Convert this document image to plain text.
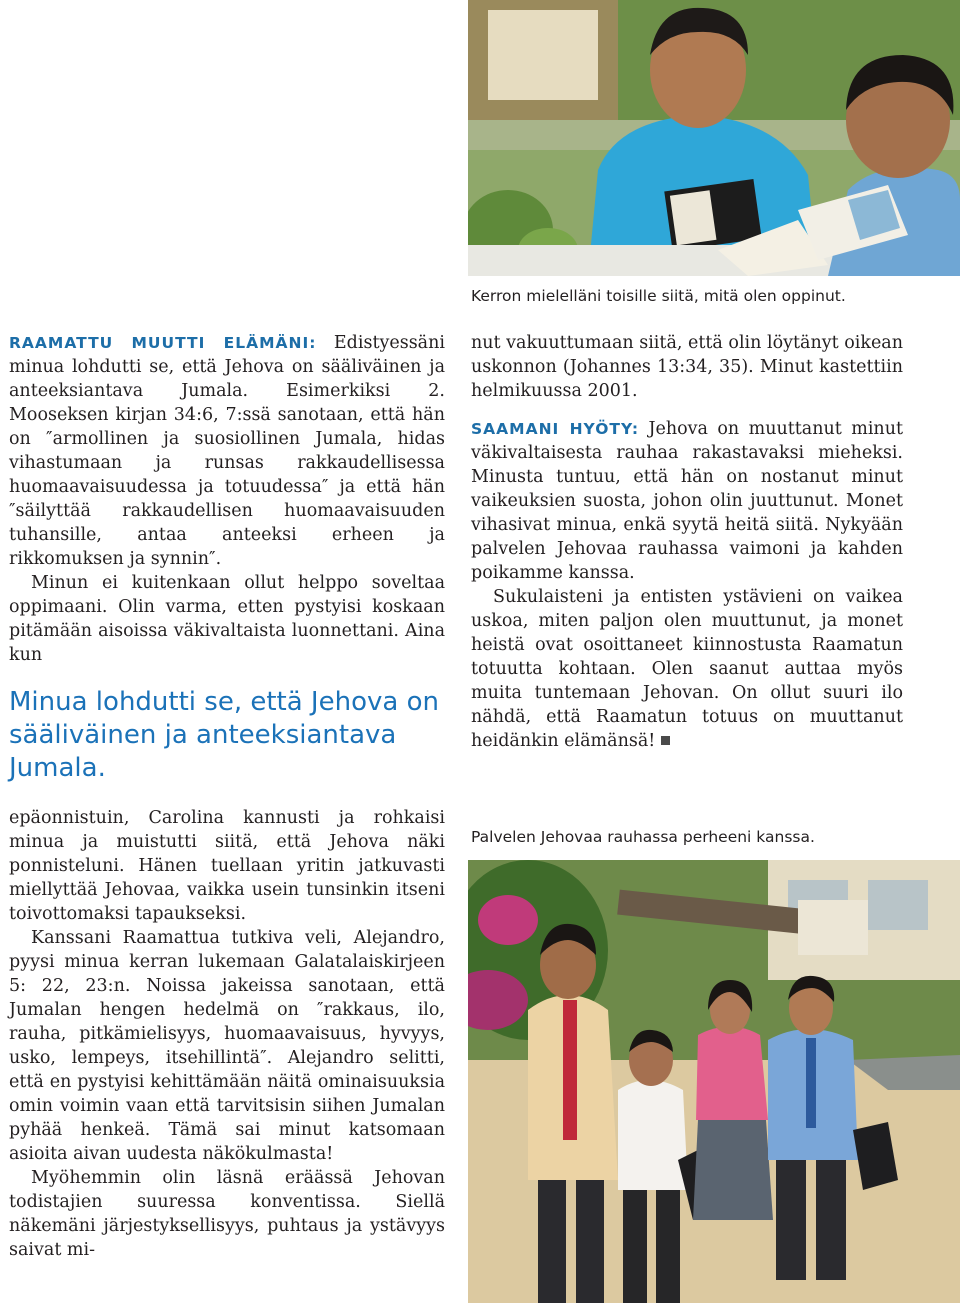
Kerron mielelläni toisille siitä, mitä olen oppinut.

RAAMATTU MUUTTI ELÄMÄNI: Edistyessäni minua lohdutti se, että Jehova on sääliväinen ja anteeksiantava Jumala. Esimerkiksi 2. Mooseksen kirjan 34:6, 7:ssä sanotaan, että hän on ″armollinen ja suosiollinen Jumala, hidas vihastumaan ja runsas rakkaudellisessa huomaavaisuudessa ja totuudessa″ ja että hän ″säilyttää rakkaudellisen huomaavaisuuden tuhansille, antaa anteeksi erheen ja rikkomuksen ja synnin″.

Minun ei kuitenkaan ollut helppo soveltaa oppimaani. Olin varma, etten pystyisi koskaan pitämään aisoissa väkivaltaista luonnettani. Aina kun

Minua lohdutti se, että Jehova on sääliväinen ja anteeksiantava Jumala.

epäonnistuin, Carolina kannusti ja rohkaisi minua ja muistutti siitä, että Jehova näki ponnisteluni. Hänen tuellaan yritin jatkuvasti miellyttää Jehovaa, vaikka usein tunsinkin itseni toivottomaksi tapaukseksi.

Kanssani Raamattua tutkiva veli, Alejandro, pyysi minua kerran lukemaan Galatalaiskirjeen 5: 22, 23:n. Noissa jakeissa sanotaan, että Jumalan hengen hedelmä on ″rakkaus, ilo, rauha, pitkämielisyys, huomaavaisuus, hyvyys, usko, lempeys, itsehillintä″. Alejandro selitti, että en pystyisi kehittämään näitä ominaisuuksia omin voimin vaan että tarvitsisin siihen Jumalan pyhää henkeä. Tämä sai minut katsomaan asioita aivan uudesta näkökulmasta!

Myöhemmin olin läsnä eräässä Jehovan todistajien suuressa konventissa. Siellä näkemäni järjestyksellisyys, puhtaus ja ystävyys saivat mi-

nut vakuuttumaan siitä, että olin löytänyt oikean uskonnon (Johannes 13:34, 35). Minut kastettiin helmikuussa 2001.

SAAMANI HYÖTY: Jehova on muuttanut minut väkivaltaisesta rauhaa rakastavaksi mieheksi. Minusta tuntuu, että hän on nostanut minut vaikeuksien suosta, johon olin juuttunut. Monet vihasivat minua, enkä syytä heitä siitä. Nykyään palvelen Jehovaa rauhassa vaimoni ja kahden poikamme kanssa.

Sukulaisteni ja entisten ystävieni on vaikea uskoa, miten paljon olen muuttunut, ja monet heistä ovat osoittaneet kiinnostusta Raamatun totuutta kohtaan. Olen saanut auttaa myös muita tuntemaan Jehovan. On ollut suuri ilo nähdä, että Raamatun totuus on muuttanut heidänkin elämänsä!

Palvelen Jehovaa rauhassa perheeni kanssa.
